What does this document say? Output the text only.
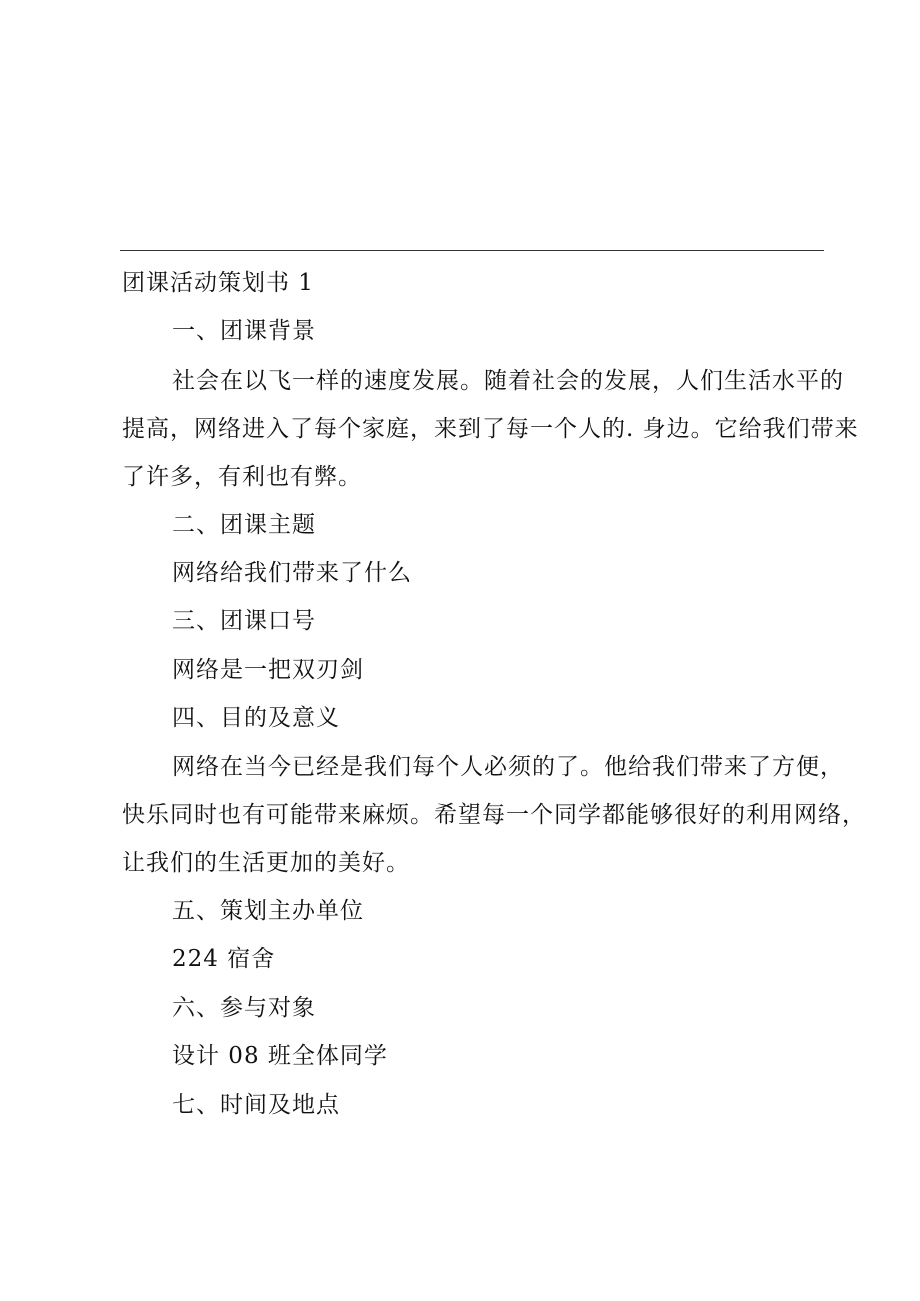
团课活动策划书 1
一、团课背景
社会在以飞一样的速度发展。随着社会的发展，人们生活水平的
提高，网络进入了每个家庭，来到了每一个人的. 身边。它给我们带来
了许多，有利也有弊。
二、团课主题
网络给我们带来了什么
三、团课口号
网络是一把双刃剑
四、目的及意义
网络在当今已经是我们每个人必须的了。他给我们带来了方便，
快乐同时也有可能带来麻烦。希望每一个同学都能够很好的利用网络，
让我们的生活更加的美好。
五、策划主办单位
224 宿舍
六、参与对象
设计 08 班全体同学
七、时间及地点
